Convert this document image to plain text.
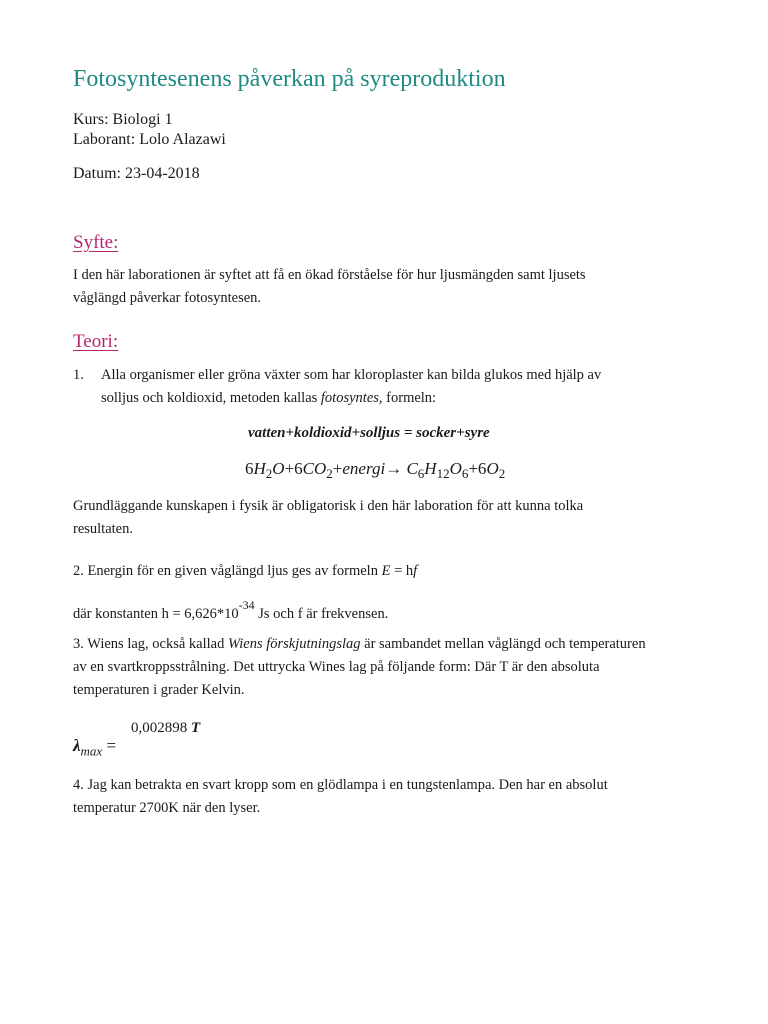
Fotosyntesenens påverkan på syreproduktion
Kurs: Biologi 1
Laborant: Lolo Alazawi
Datum: 23-04-2018
Syfte:
I den här laborationen är syftet att få en ökad förståelse för hur ljusmängden samt ljusets
våglängd påverkar fotosyntesen.
Teori:
1. Alla organismer eller gröna växter som har kloroplaster kan bilda glukos med hjälp av
solljus och koldioxid, metoden kallas fotosyntes, formeln:
vatten+koldioxid+solljus = socker+syre
$6H_2O+6CO_2+energi\to C_6H_{12}O_6+6O_2$
Grundläggande kunskapen i fysik är obligatorisk i den här laboration för att kunna tolka
resultaten.
2. Energin för en given våglängd ljus ges av formeln E = hf
där konstanten $h = 6,626*10^{-34}$ Js och f är frekvensen.
3. Wiens lag, också kallad Wiens förskjutningslag är sambandet mellan våglängd och temperaturen
av en svartkroppsstrålning. Det uttrycka Wines lag på följande form: Där T är den absoluta
temperaturen i grader Kelvin.
0,002898 T
$\lambda_{max}$ =
4. Jag kan betrakta en svart kropp som en glödlampa i en tungstenlampa. Den har en absolut
temperatur 2700K när den lyser.
